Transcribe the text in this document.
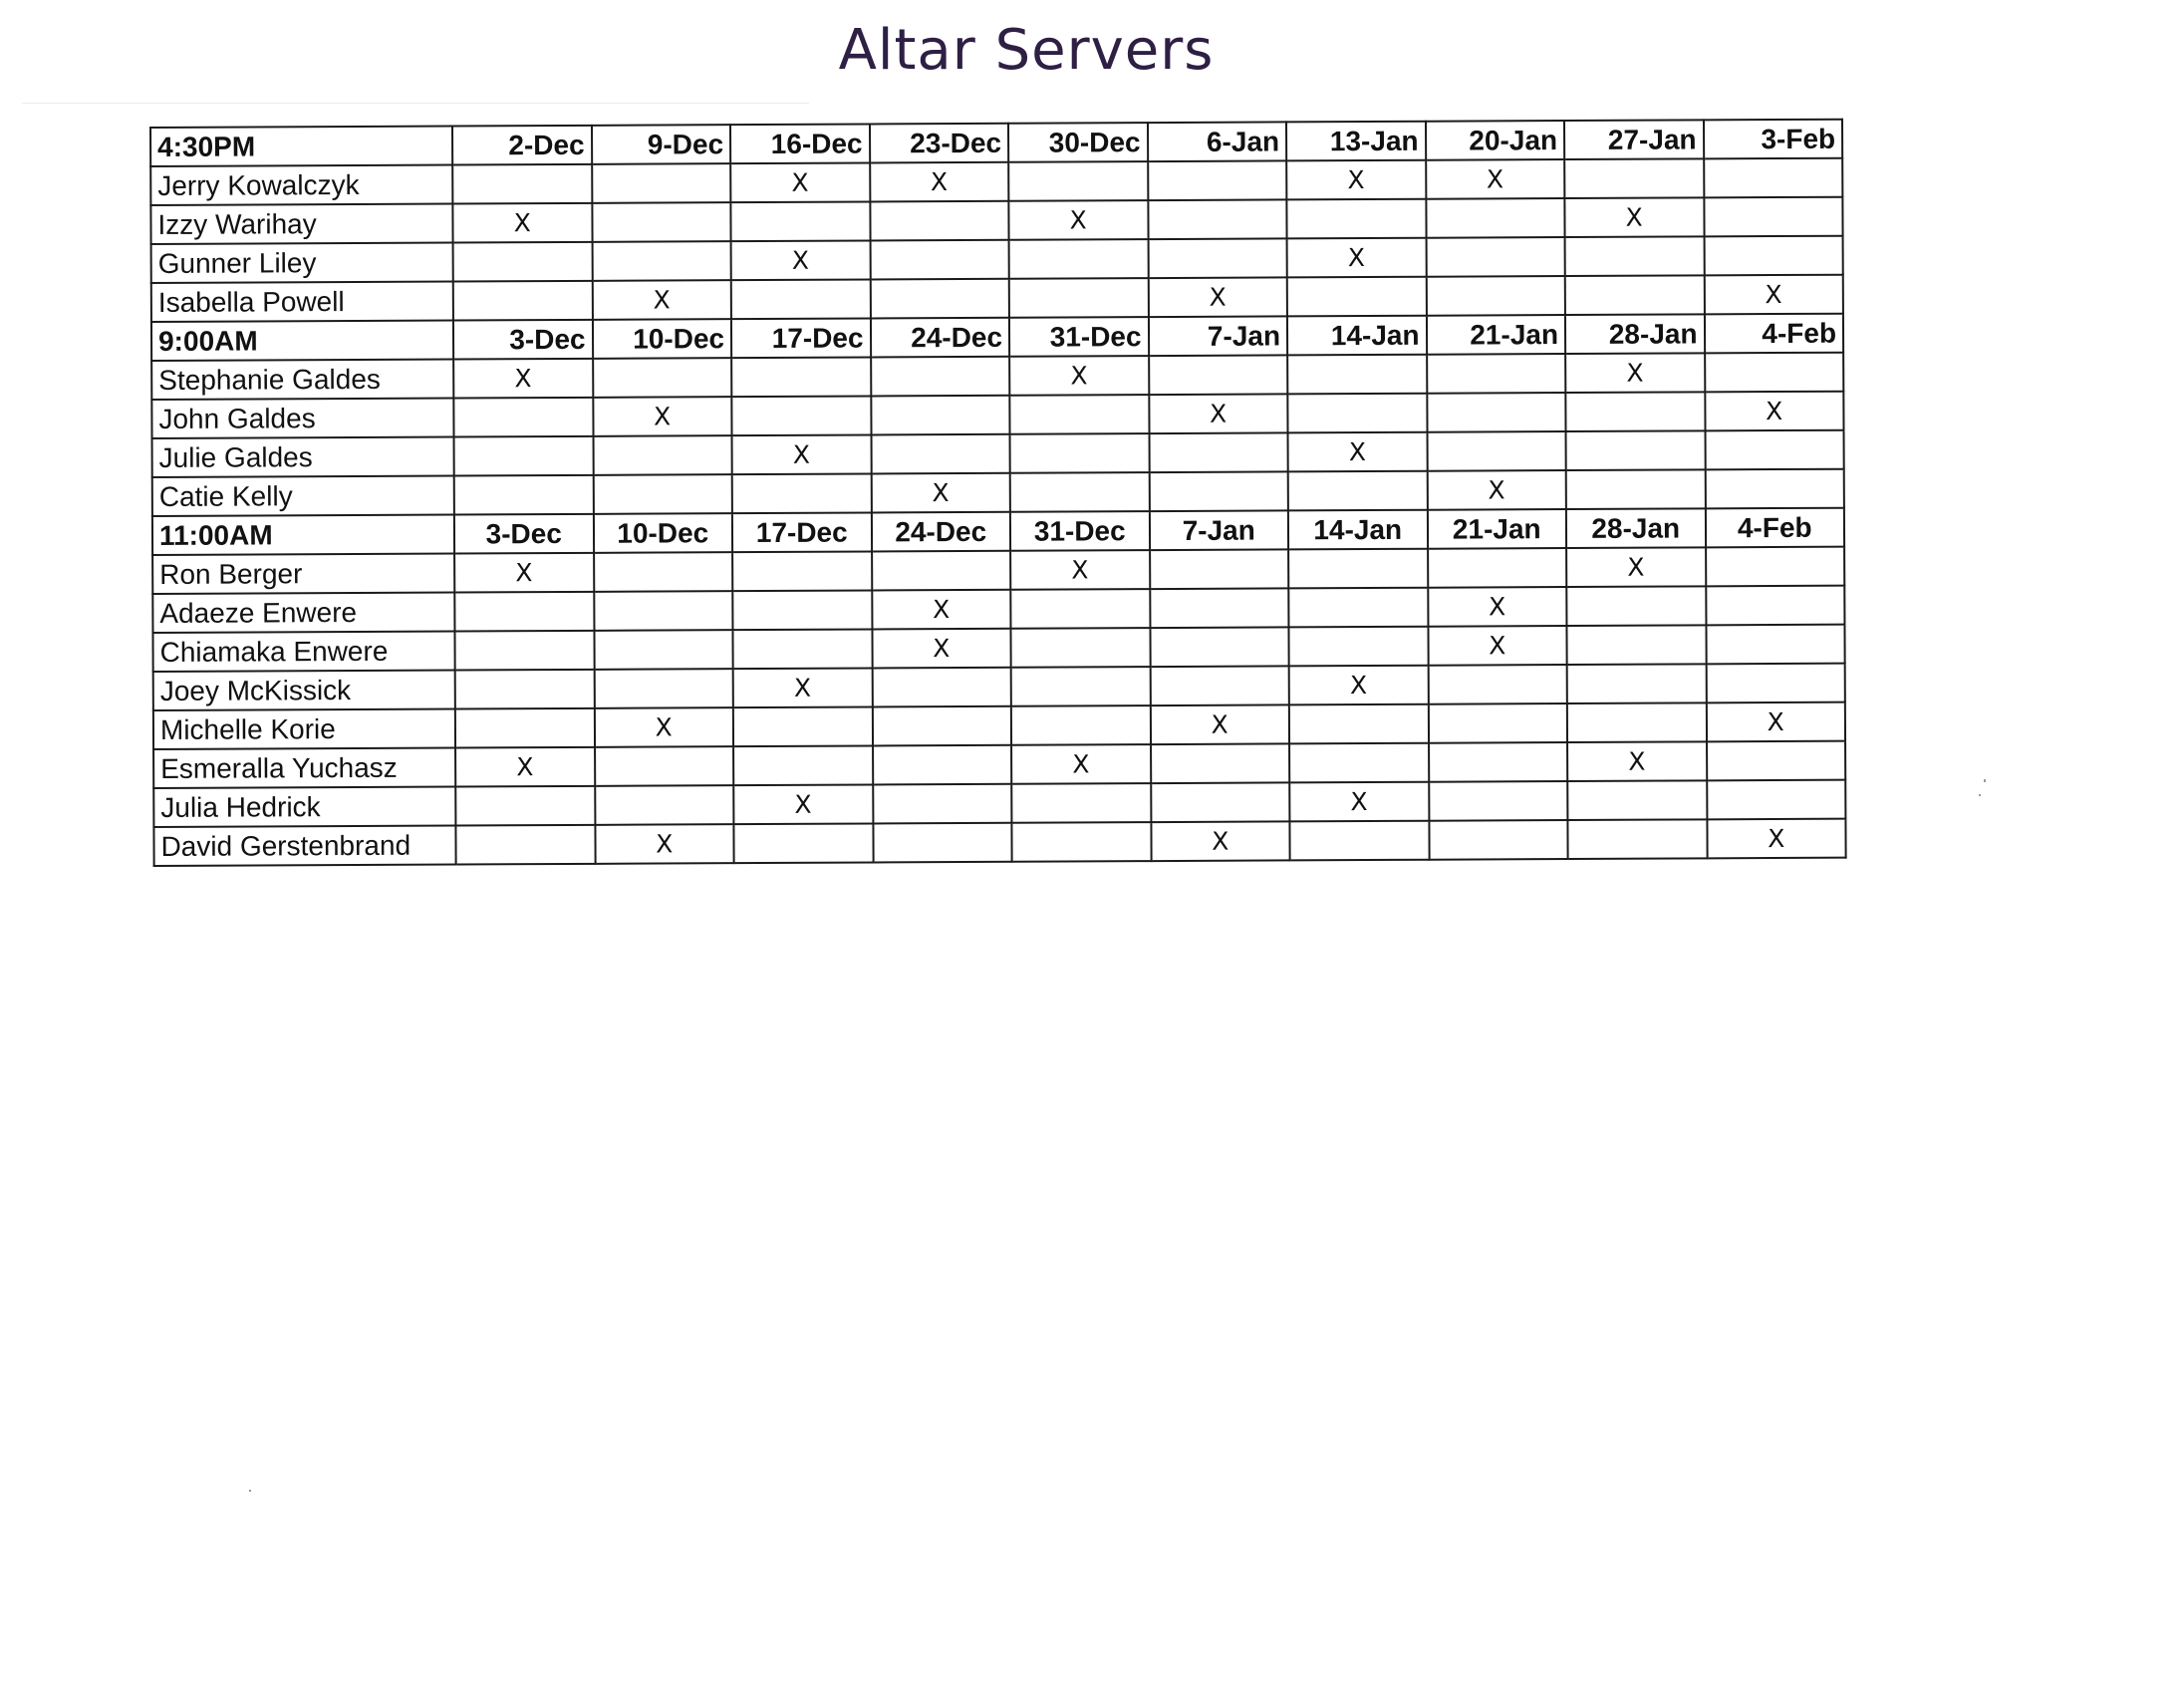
Altar Servers
4:30PM	2-Dec	9-Dec	16-Dec	23-Dec	30-Dec	6-Jan	13-Jan	20-Jan	27-Jan	3-Feb
Jerry Kowalczyk			X	X			X	X		
Izzy Warihay	X				X				X	
Gunner Liley			X				X			
Isabella Powell		X				X				X
9:00AM	3-Dec	10-Dec	17-Dec	24-Dec	31-Dec	7-Jan	14-Jan	21-Jan	28-Jan	4-Feb
Stephanie Galdes	X				X				X	
John Galdes		X				X				X
Julie Galdes			X				X			
Catie Kelly				X				X		
11:00AM	3-Dec	10-Dec	17-Dec	24-Dec	31-Dec	7-Jan	14-Jan	21-Jan	28-Jan	4-Feb
Ron Berger	X				X				X	
Adaeze Enwere				X				X		
Chiamaka Enwere				X				X		
Joey McKissick			X				X			
Michelle Korie		X				X				X
Esmeralla Yuchasz	X				X				X	
Julia Hedrick			X				X			
David Gerstenbrand		X				X				X
